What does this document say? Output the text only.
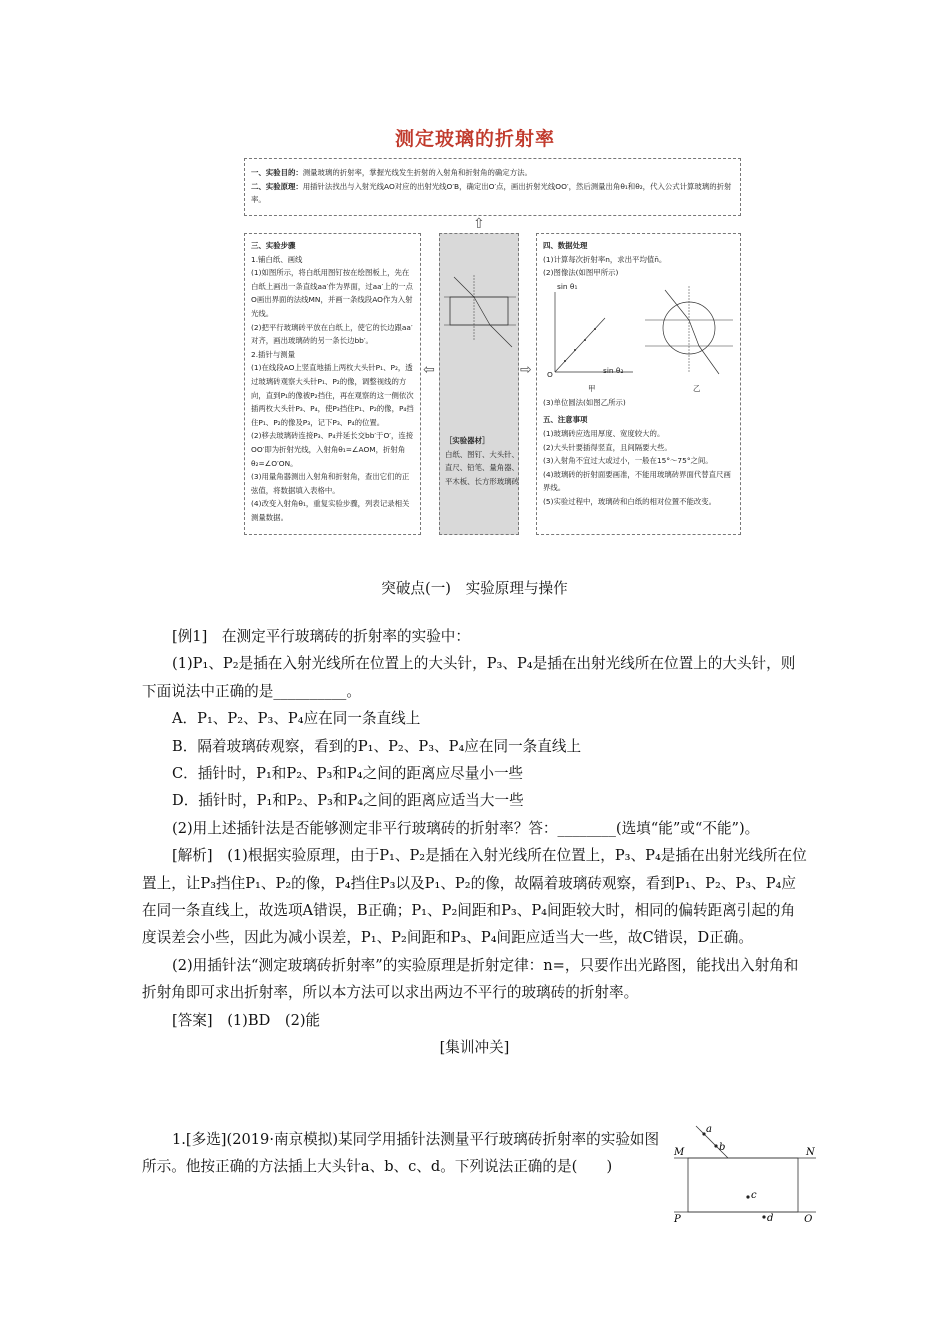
测定玻璃的折射率

一、实验目的：测量玻璃的折射率，掌握光线发生折射的入射角和折射角的确定方法。

二、实验原理：用插针法找出与入射光线AO对应的出射光线O′B，确定出O′点，画出折射光线OO′，然后测量出角θ₁和θ₂，代入公式计算玻璃的折射率。

⇧
⇦	⇨

三、实验步骤

1.铺白纸、画线

(1)如图所示，将白纸用图钉按在绘图板上，先在白纸上画出一条直线aa′作为界面，过aa′上的一点O画出界面的法线MN，并画一条线段AO作为入射光线。

(2)把平行玻璃砖平放在白纸上，使它的长边跟aa′对齐，画出玻璃砖的另一条长边bb′。

2.插针与测量

(1)在线段AO上竖直地插上两枚大头针P₁、P₂，透过玻璃砖观察大头针P₁、P₂的像，调整视线的方向，直到P₁的像被P₂挡住，再在观察的这一侧依次插两枚大头针P₃、P₄，使P₃挡住P₁、P₂的像，P₄挡住P₁、P₂的像及P₃，记下P₃、P₄的位置。

(2)移去玻璃砖连接P₃、P₄并延长交bb′于O′，连接OO′即为折射光线，入射角θ₁=∠AOM，折射角θ₂=∠O′ON。

(3)用量角器测出入射角和折射角，查出它们的正弦值，将数据填入表格中。

(4)改变入射角θ₁，重复实验步骤，列表记录相关测量数据。

［实验器材］

白纸、图钉、大头针、直尺、铅笔、量角器、平木板、长方形玻璃砖

四、数据处理

(1)计算每次折射率n，求出平均值n̄。

(2)图像法(如图甲所示)

sin θ₁
sin θ₂
O
甲	乙

(3)单位圆法(如图乙所示)

五、注意事项

(1)玻璃砖应选用厚度、宽度较大的。

(2)大头针要插得竖直，且间隔要大些。

(3)入射角不宜过大或过小，一般在15°～75°之间。

(4)玻璃砖的折射面要画准，不能用玻璃砖界面代替直尺画界线。

(5)实验过程中，玻璃砖和白纸的相对位置不能改变。

突破点(一)　实验原理与操作

[例1]　 在测定平行玻璃砖的折射率的实验中：

(1)P₁、P₂是插在入射光线所在位置上的大头针，P₃、P₄是插在出射光线所在位置上的大头针，则下面说法中正确的是__________。

A．P₁、P₂、P₃、P₄应在同一条直线上

B．隔着玻璃砖观察，看到的P₁、P₂、P₃、P₄应在同一条直线上

C．插针时，P₁和P₂、P₃和P₄之间的距离应尽量小一些

D．插针时，P₁和P₂、P₃和P₄之间的距离应适当大一些

(2)用上述插针法是否能够测定非平行玻璃砖的折射率？答：________(选填“能”或“不能”)。

[解析]　 (1)根据实验原理，由于P₁、P₂是插在入射光线所在位置上，P₃、P₄是插在出射光线所在位置上，让P₃挡住P₁、P₂的像，P₄挡住P₃以及P₁、P₂的像，故隔着玻璃砖观察，看到P₁、P₂、P₃、P₄应在同一条直线上，故选项A错误，B正确；P₁、P₂间距和P₃、P₄间距较大时，相同的偏转距离引起的角度误差会小些，因此为减小误差，P₁、P₂间距和P₃、P₄间距应适当大一些，故C错误，D正确。

(2)用插针法“测定玻璃砖折射率”的实验原理是折射定律：n=，只要作出光路图，能找出入射角和折射角即可求出折射率，所以本方法可以求出两边不平行的玻璃砖的折射率。

[答案]　 (1)BD　(2)能

[集训冲关]

1.[多选](2019·南京模拟)某同学用插针法测量平行玻璃砖折射率的实验如图所示。他按正确的方法插上大头针a、b、c、d。下列说法正确的是(　　)

a
b
M	N
P
c
Q
d
